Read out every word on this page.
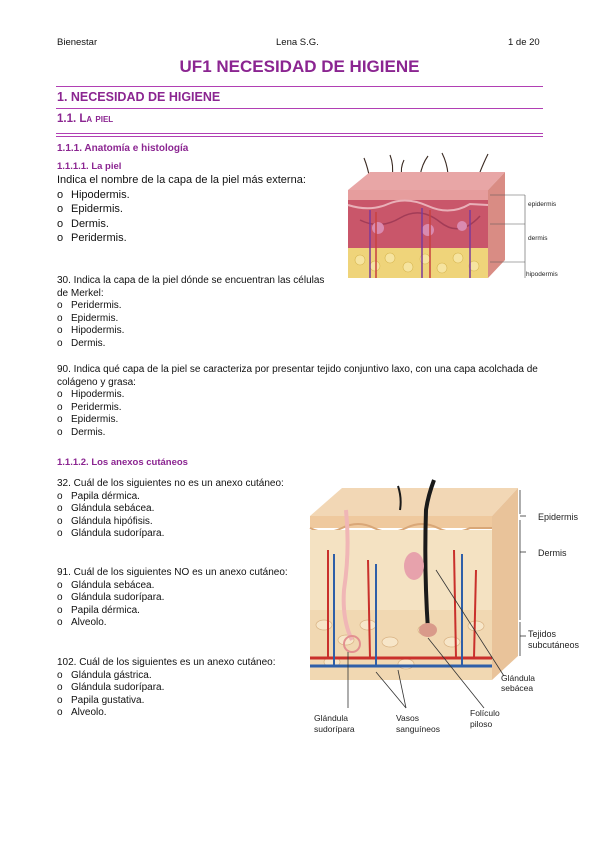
Bienestar	Lena S.G.	1 de 20
UF1 NECESIDAD DE HIGIENE
1. NECESIDAD DE HIGIENE
1.1. La piel
1.1.1. Anatomía e histología
1.1.1.1. La piel

Indica el nombre de la capa de la piel más externa:

o Hipodermis.
o Epidermis.
o Dermis.
o Peridermis.
epidermis
dermis
hipodermis

30. Indica la capa de la piel dónde se encuentran las células de Merkel:

o Peridermis.
o Epidermis.
o Hipodermis.
o Dermis.

90. Indica qué capa de la piel se caracteriza por presentar tejido conjuntivo laxo, con una capa acolchada de colágeno y grasa:

o Hipodermis.
o Peridermis.
o Epidermis.
o Dermis.
1.1.1.2. Los anexos cutáneos

32. Cuál de los siguientes no es un anexo cutáneo:

o Papila dérmica.
o Glándula sebácea.
o Glándula hipófisis.
o Glándula sudorípara.

91. Cuál de los siguientes NO es un anexo cutáneo:

o Glándula sebácea.
o Glándula sudorípara.
o Papila dérmica.
o Alveolo.

102. Cuál de los siguientes es un anexo cutáneo:

o Glándula gástrica.
o Glándula sudorípara.
o Papila gustativa.
o Alveolo.
Epidermis
Dermis
Tejidos
subcutáneos
Glándula
sebácea
Glándula
sudorípara
Vasos
sanguíneos
Folículo
piloso
